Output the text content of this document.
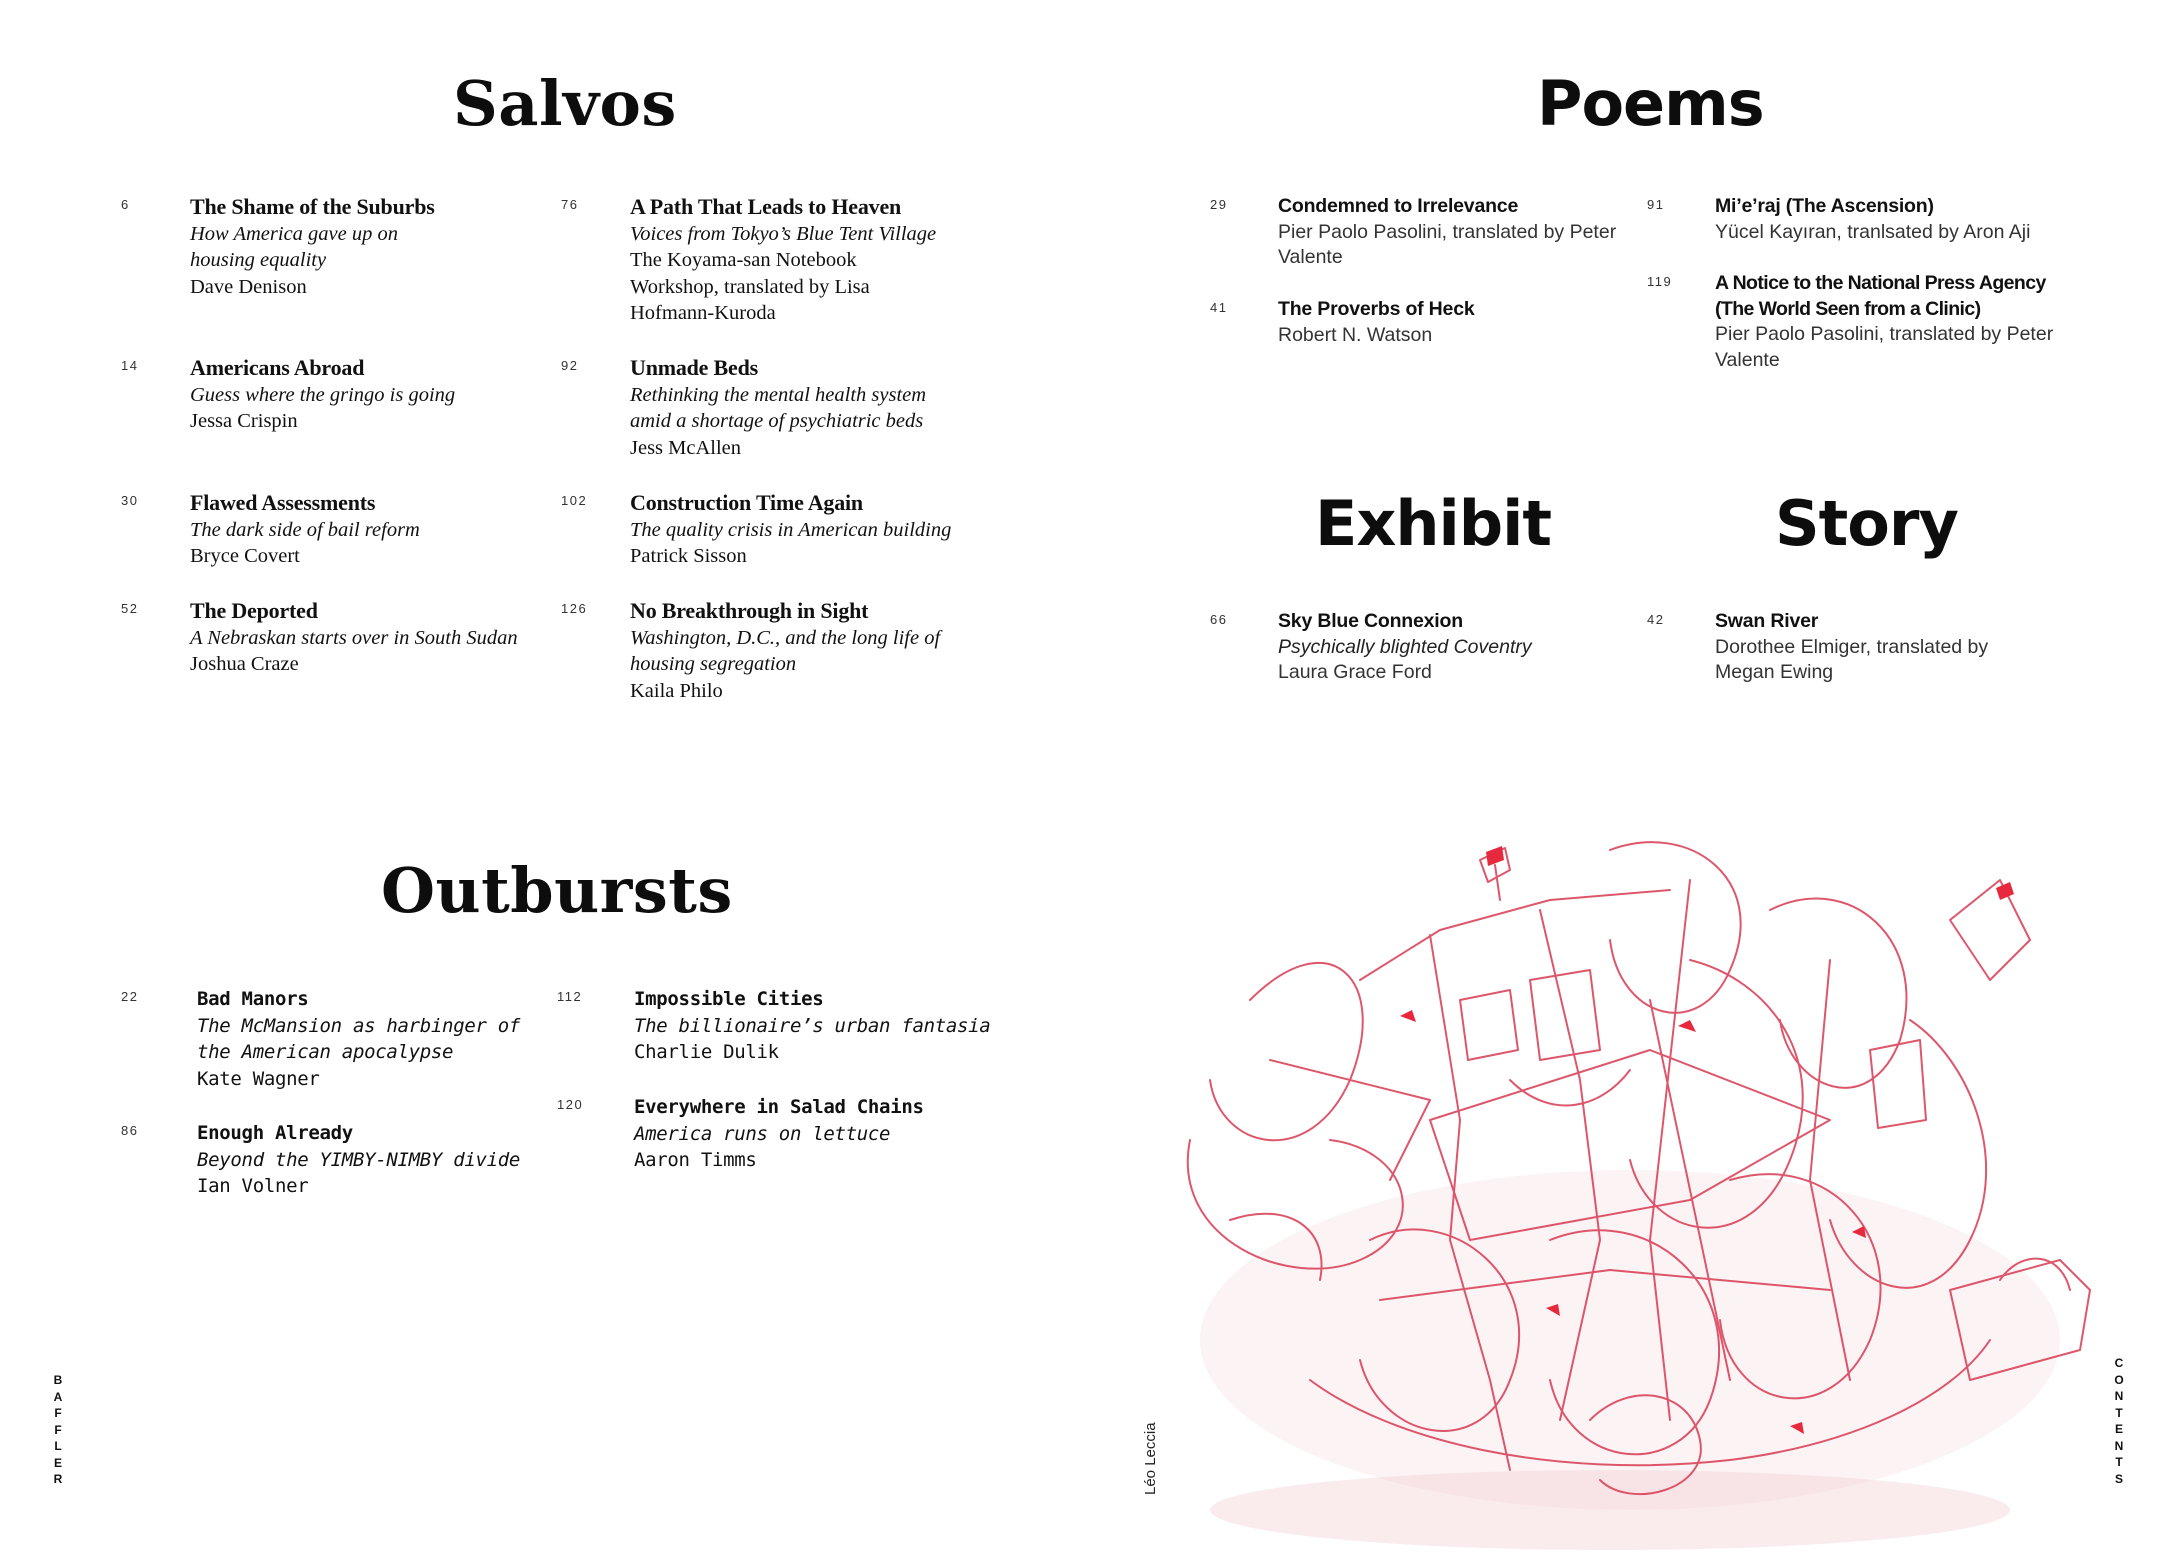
Salvos	Poems
Exhibit	Story
Outbursts
6	The Shame of the Suburbs

How America gave up on housing equality

Dave Denison

14 Americans Abroad

Guess where the gringo is going

Jessa Crispin

30 Flawed Assessments

The dark side of bail reform

Bryce Covert

52 The Deported

A Nebraskan starts over in South Sudan

Joshua Craze

76 A Path That Leads to Heaven

Voices from Tokyo’s Blue Tent Village

The Koyama-san Notebook Workshop, translated by Lisa Hofmann-Kuroda

92 Unmade Beds

Rethinking the mental health system amid a shortage of psychiatric beds

Jess McAllen

102 Construction Time Again

The quality crisis in American building

Patrick Sisson

126 No Breakthrough in Sight

Washington, D.C., and the long life of housing segregation

Kaila Philo

29	Condemned to Irrelevance

Pier Paolo Pasolini, translated by Peter Valente

41	The Proverbs of Heck

Robert N. Watson

91	Mi’e’raj (The Ascension)

Yücel Kayıran, tranlsated by Aron Aji

119 A Notice to the National Press Agency (The World Seen from a Clinic)

Pier Paolo Pasolini, translated by Peter Valente

66	Sky Blue Connexion

Psychically blighted Coventry

Laura Grace Ford

42	Swan River

Dorothee Elmiger, translated by Megan Ewing

22	Bad Manors

The McMansion as harbinger of the American apocalypse

Kate Wagner

86	Enough Already

Beyond the YIMBY-NIMBY divide

Ian Volner

112	Impossible Cities

The billionaire’s urban fantasia

Charlie Dulik

120	Everywhere in Salad Chains

America runs on lettuce

Aaron Timms

B
A
F
F
L
E
R
C
O
N
T
E
N
T
S
Léo Leccia
